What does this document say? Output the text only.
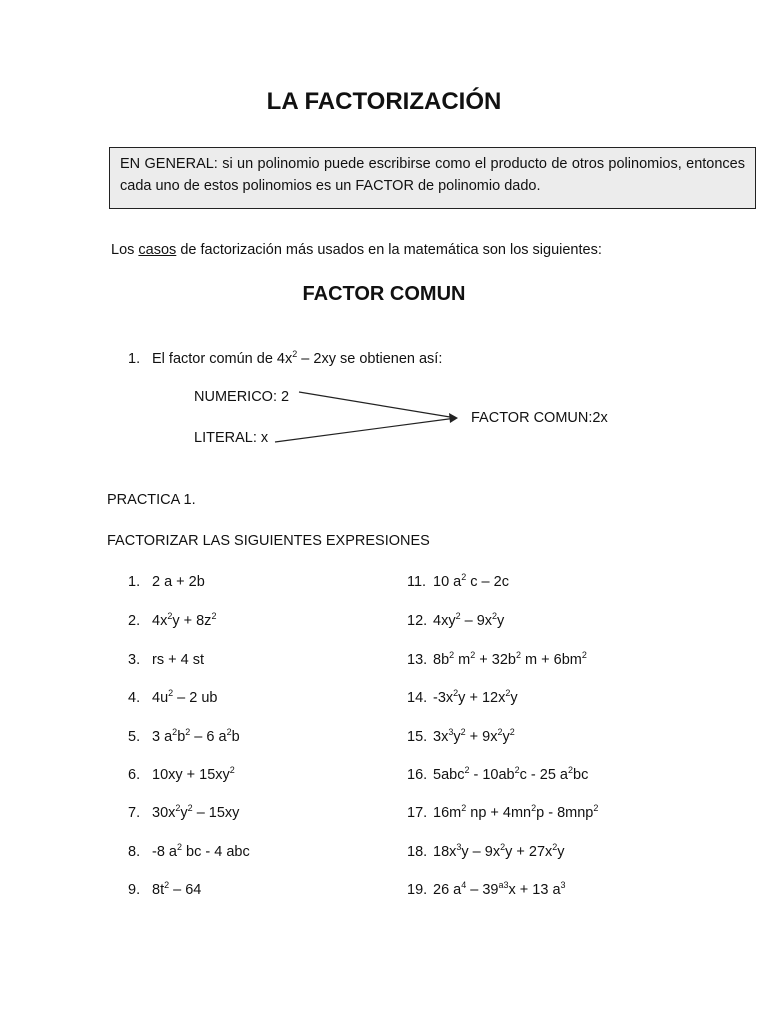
LA FACTORIZACIÓN
EN GENERAL: si un polinomio puede escribirse como el producto de otros polinomios, entonces cada uno de estos polinomios es un FACTOR de polinomio dado.
Los casos de factorización más usados en la matemática son los siguientes:
FACTOR COMUN
1. El factor común de $4x^2 - 2xy$ se obtienen así:
NUMERICO: 2
LITERAL: x
FACTOR COMUN:2x
PRACTICA 1.
FACTORIZAR LAS SIGUIENTES EXPRESIONES
1. 2 a + 2b
2. $4x^2y + 8z^2$
3. rs + 4 st
4. $4u^2 - 2$ ub
5. 3 $a^2b^2 - 6$ $a^2b$
6. $10xy + 15xy^2$
7. $30x^2y^2 - 15xy$
8. -8 $a^2$ bc - 4 abc
9. $8t^2 - 64$
11. 10 $a^2$ c – 2c
12. $4xy^2 - 9x^2y$
13. $8b^2$ $m^2 + 32b^2$ $m + 6bm^2$
14. $-3x^2y + 12x^2y$
15. $3x^3y^2 + 9x^2y^2$
16. $5abc^2 - 10ab^2c - 25$ $a^2bc$
17. $16m^2$ np + $4mn^2p - 8mnp^2$
18. $18x^3y - 9x^2y + 27x^2y$
19. 26 $a^4 - 39^{a3}x + 13$ $a^3$
